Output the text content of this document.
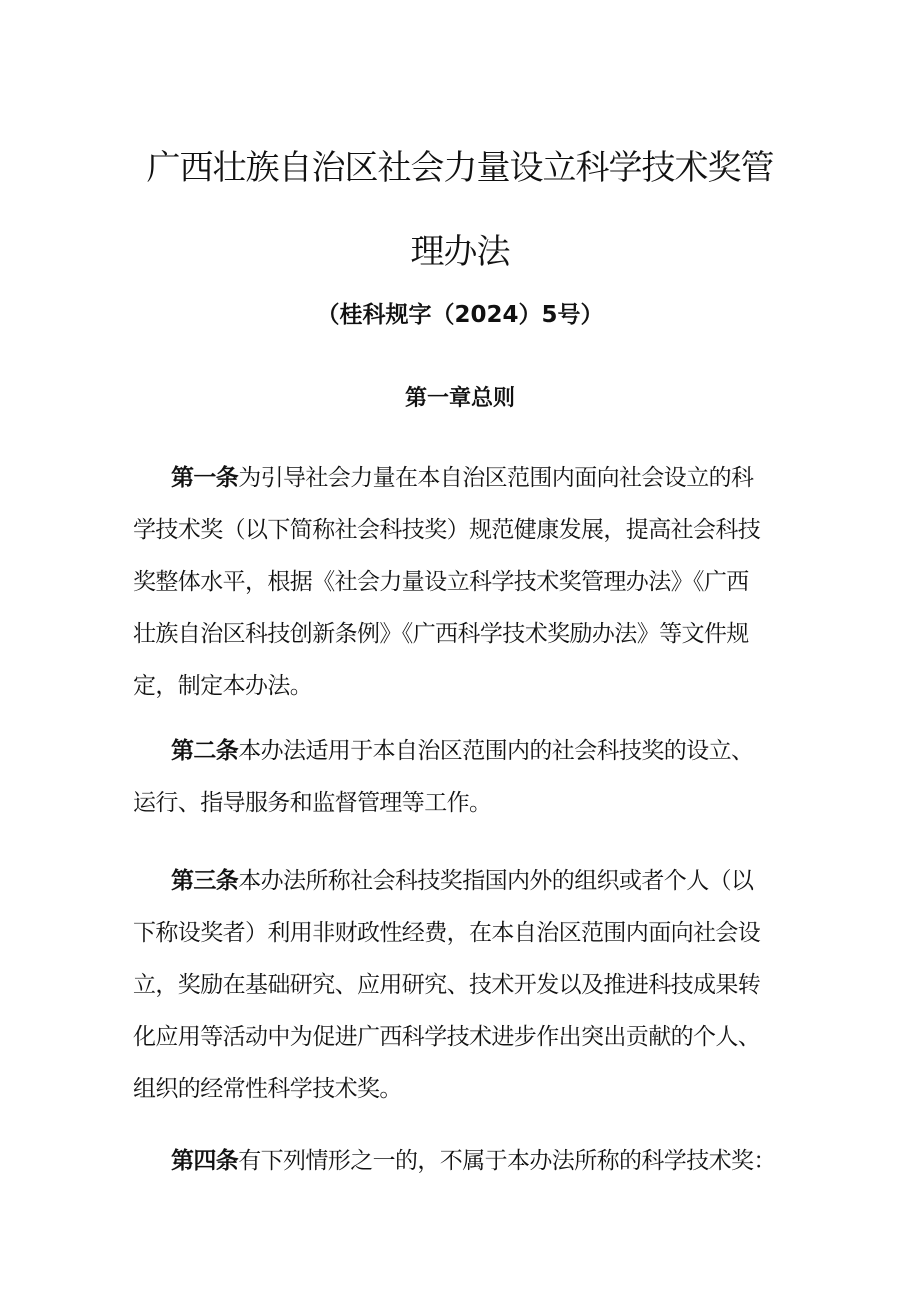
广西壮族自治区社会力量设立科学技术奖管
理办法
（桂科规字（2024）5号）
第一章总则
第一条为引导社会力量在本自治区范围内面向社会设立的科
学技术奖（以下简称社会科技奖）规范健康发展，提高社会科技
奖整体水平，根据《社会力量设立科学技术奖管理办法》《广西
壮族自治区科技创新条例》《广西科学技术奖励办法》等文件规
定，制定本办法。
第二条本办法适用于本自治区范围内的社会科技奖的设立、
运行、指导服务和监督管理等工作。
第三条本办法所称社会科技奖指国内外的组织或者个人（以
下称设奖者）利用非财政性经费，在本自治区范围内面向社会设
立，奖励在基础研究、应用研究、技术开发以及推进科技成果转
化应用等活动中为促进广西科学技术进步作出突出贡献的个人、
组织的经常性科学技术奖。
第四条有下列情形之一的，不属于本办法所称的科学技术奖：
